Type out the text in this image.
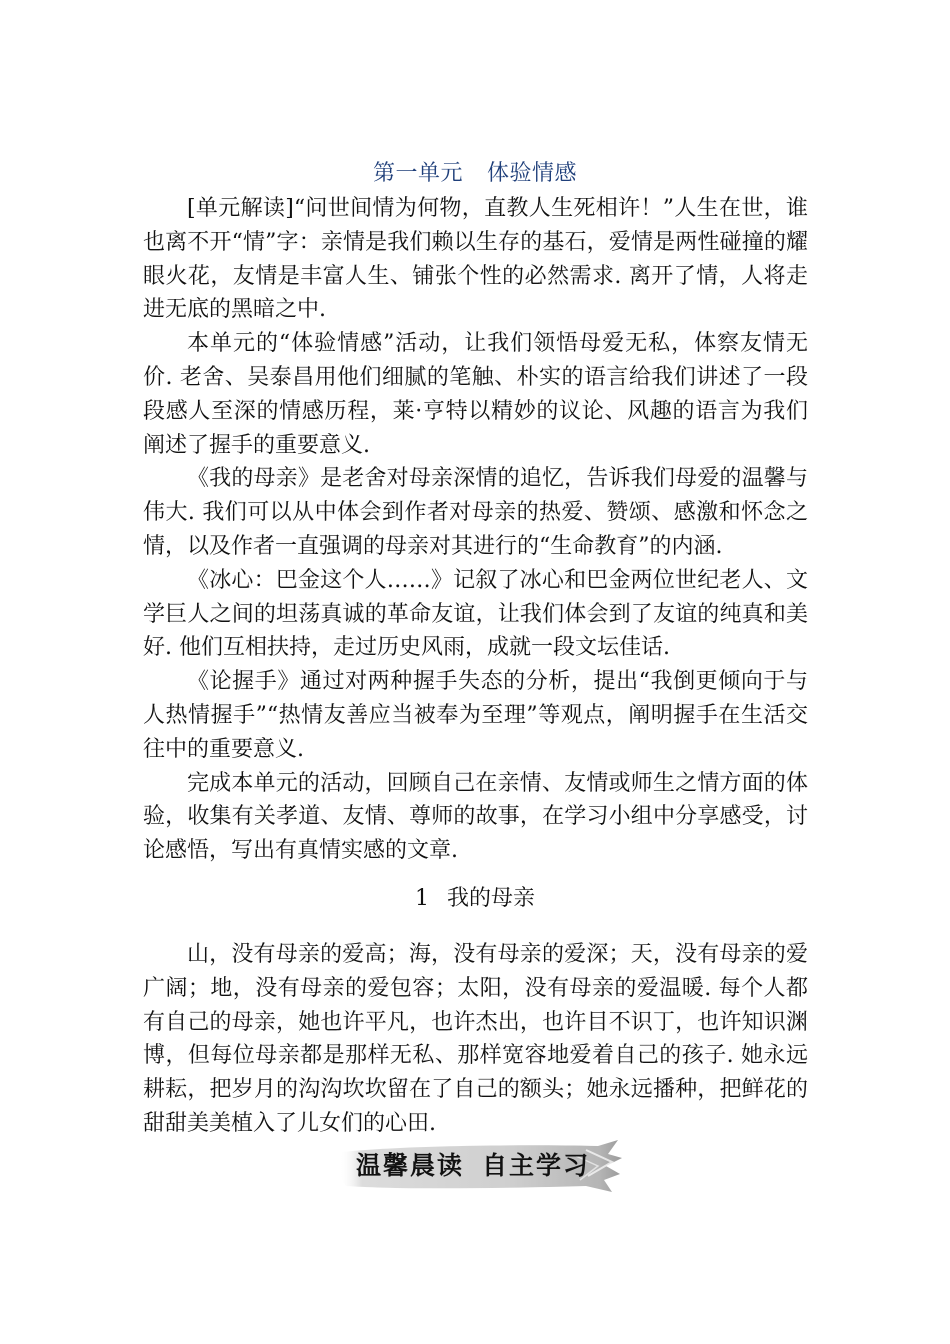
第一单元 体验情感

[单元解读]“问世间情为何物，直教人生死相许！”人生在世，谁也离不开“情”字：亲情是我们赖以生存的基石，爱情是两性碰撞的耀眼火花，友情是丰富人生、铺张个性的必然需求. 离开了情，人将走进无底的黑暗之中.

本单元的“体验情感”活动，让我们领悟母爱无私，体察友情无价. 老舍、吴泰昌用他们细腻的笔触、朴实的语言给我们讲述了一段段感人至深的情感历程，莱·亨特以精妙的议论、风趣的语言为我们阐述了握手的重要意义.

《我的母亲》是老舍对母亲深情的追忆，告诉我们母爱的温馨与伟大. 我们可以从中体会到作者对母亲的热爱、赞颂、感激和怀念之情，以及作者一直强调的母亲对其进行的“生命教育”的内涵.

《冰心：巴金这个人……》记叙了冰心和巴金两位世纪老人、文学巨人之间的坦荡真诚的革命友谊，让我们体会到了友谊的纯真和美好. 他们互相扶持，走过历史风雨，成就一段文坛佳话.

《论握手》通过对两种握手失态的分析，提出“我倒更倾向于与人热情握手”“热情友善应当被奉为至理”等观点，阐明握手在生活交往中的重要意义.

完成本单元的活动，回顾自己在亲情、友情或师生之情方面的体验，收集有关孝道、友情、尊师的故事，在学习小组中分享感受，讨论感悟，写出有真情实感的文章.

1 我的母亲

山，没有母亲的爱高；海，没有母亲的爱深；天，没有母亲的爱广阔；地，没有母亲的爱包容；太阳，没有母亲的爱温暖. 每个人都有自己的母亲，她也许平凡，也许杰出，也许目不识丁，也许知识渊博，但每位母亲都是那样无私、那样宽容地爱着自己的孩子. 她永远耕耘，把岁月的沟沟坎坎留在了自己的额头；她永远播种，把鲜花的甜甜美美植入了儿女们的心田.

温馨晨读 自主学习
